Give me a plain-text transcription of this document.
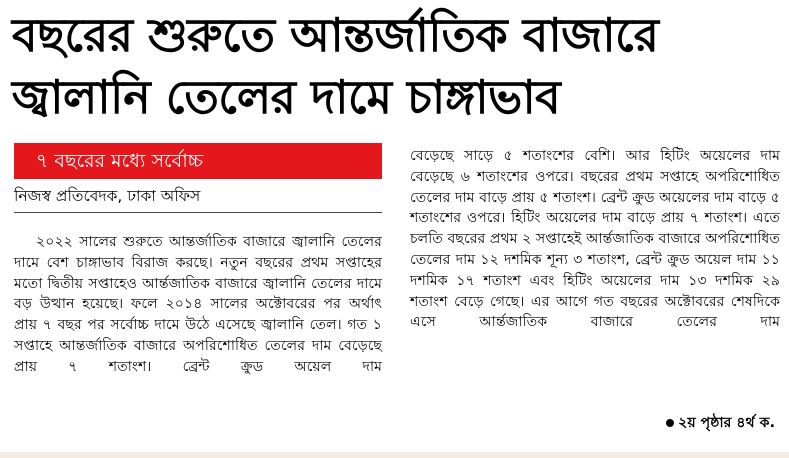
বছরের শুরুতে আন্তর্জাতিক বাজারে
জ্বালানি তেলের দামে চাঙ্গাভাব
৭ বছরের মধ্যে সর্বোচ্চ
নিজস্ব প্রতিবেদক, ঢাকা অফিস

২০২২ সালের শুরুতে আন্তর্জাতিক বাজারে জ্বালানি তেলের দামে বেশ চাঙ্গাভাব বিরাজ করছে। নতুন বছরের প্রথম সপ্তাহের মতো দ্বিতীয় সপ্তাহেও আর্ন্তজাতিক বাজারে জ্বালানি তেলের দামে বড় উত্থান হয়েছে। ফলে ২০১৪ সালের অক্টোবরের পর অর্থাৎ প্রায় ৭ বছর পর সর্বোচ্চ দামে উঠে এসেছে জ্বালানি তেল। গত ১ সপ্তাহে আন্তর্জাতিক বাজারে অপরিশোধিত তেলের দাম বেড়েছে প্রায় ৭ শতাংশ। ব্রেন্ট ক্রুড অয়েল দাম

বেড়েছে সাড়ে ৫ শতাংশের বেশি। আর হিটিং অয়েলের দাম বেড়েছে ৬ শতাংশের ওপরে। বছরের প্রথম সপ্তাহে অপরিশোধিত তেলের দাম বাড়ে প্রায় ৫ শতাংশ। ব্রেন্ট ক্রুড অয়েলের দাম বাড়ে ৫ শতাংশের ওপরে। হিটিং অয়েলের দাম বাড়ে প্রায় ৭ শতাংশ। এতে চলতি বছরের প্রথম ২ সপ্তাহেই আর্ন্তজাতিক বাজারে অপরিশোধিত তেলের দাম ১২ দশমিক শূন্য ৩ শতাংশ, ব্রেন্ট ক্রুড অয়েল দাম ১১ দশমিক ১৭ শতাংশ এবং হিটিং অয়েলের দাম ১৩ দশমিক ২৯ শতাংশ বেড়ে গেছে। এর আগে গত বছরের অক্টোবরের শেষদিকে এসে আর্ন্তজাতিক বাজারে তেলের দাম

২য় পৃষ্ঠার ৪র্থ ক.
